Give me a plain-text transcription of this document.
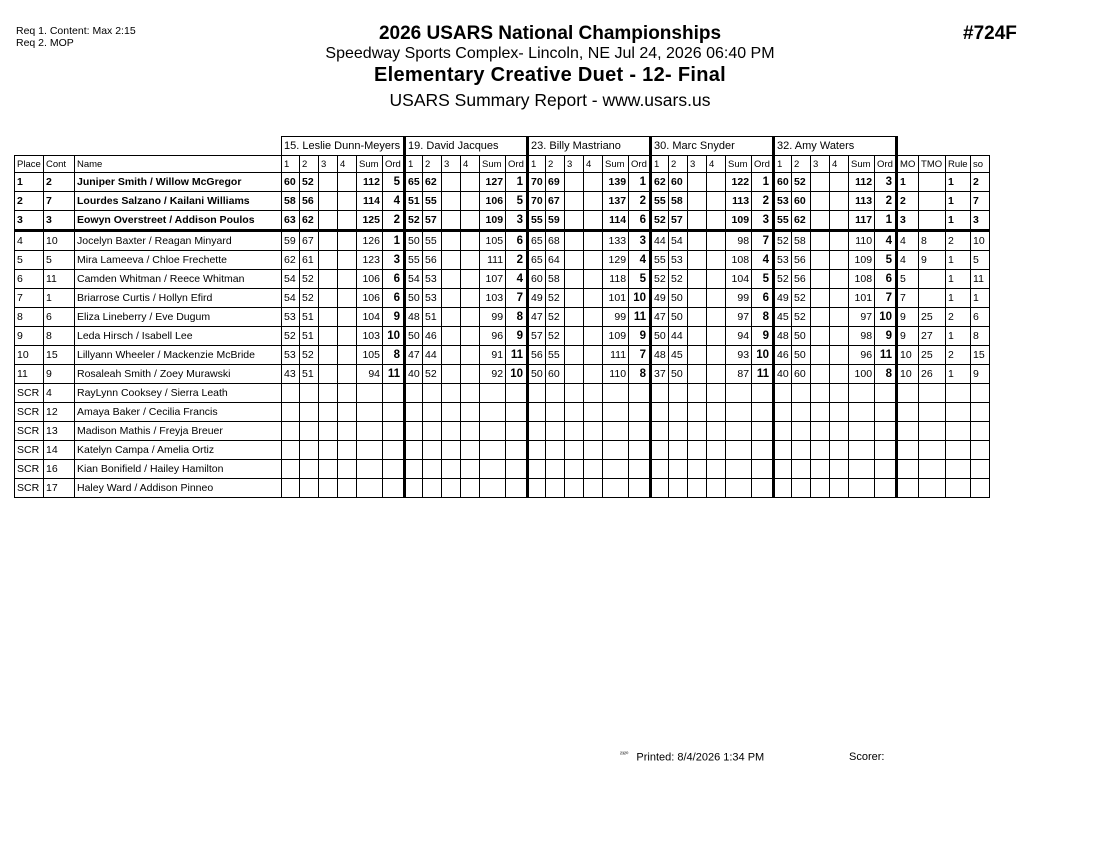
Req 1. Content: Max 2:15
Req 2. MOP	2026 USARS National Championships
Speedway Sports Complex- Lincoln, NE Jul 24, 2026 06:40 PM
Elementary Creative Duet - 12- Final
USARS Summary Report - www.usars.us
#724F
			15. Leslie Dunn-Meyers						19. David Jacques						23. Billy Mastriano						30. Marc Snyder						32. Amy Waters									
Place	Cont	Name	1	2	3	4	Sum	Ord	1	2	3	4	Sum	Ord	1	2	3	4	Sum	Ord	1	2	3	4	Sum	Ord	1	2	3	4	Sum	Ord	MO	TMO	Rule	so
1	2	Juniper Smith / Willow McGregor	60	52			112	5	65	62			127	1	70	69			139	1	62	60			122	1	60	52			112	3	1		1	2
2	7	Lourdes Salzano / Kailani Williams	58	56			114	4	51	55			106	5	70	67			137	2	55	58			113	2	53	60			113	2	2		1	7
3	3	Eowyn Overstreet / Addison Poulos	63	62			125	2	52	57			109	3	55	59			114	6	52	57			109	3	55	62			117	1	3		1	3
4	10	Jocelyn Baxter / Reagan Minyard	59	67			126	1	50	55			105	6	65	68			133	3	44	54			98	7	52	58			110	4	4	8	2	10
5	5	Mira Lameeva / Chloe Frechette	62	61			123	3	55	56			111	2	65	64			129	4	55	53			108	4	53	56			109	5	4	9	1	5
6	11	Camden Whitman / Reece Whitman	54	52			106	6	54	53			107	4	60	58			118	5	52	52			104	5	52	56			108	6	5		1	11
7	1	Briarrose Curtis / Hollyn Efird	54	52			106	6	50	53			103	7	49	52			101	10	49	50			99	6	49	52			101	7	7		1	1
8	6	Eliza Lineberry / Eve Dugum	53	51			104	9	48	51			99	8	47	52			99	11	47	50			97	8	45	52			97	10	9	25	2	6
9	8	Leda Hirsch / Isabell Lee	52	51			103	10	50	46			96	9	57	52			109	9	50	44			94	9	48	50			98	9	9	27	1	8
10	15	Lillyann Wheeler / Mackenzie McBride	53	52			105	8	47	44			91	11	56	55			111	7	48	45			93	10	46	50			96	11	10	25	2	15
11	9	Rosaleah Smith / Zoey Murawski	43	51			94	11	40	52			92	10	50	60			110	8	37	50			87	11	40	60			100	8	10	26	1	9
SCR	4	RayLynn Cooksey / Sierra Leath																																		
SCR	12	Amaya Baker / Cecilia Francis																																		
SCR	13	Madison Mathis / Freyja Breuer																																		
SCR	14	Katelyn Campa / Amelia Ortiz																																		
SCR	16	Kian Bonifield / Hailey Hamilton																																		
SCR	17	Haley Ward / Addison Pinneo																																		
$^{^{2320}}$ Printed: 8/4/2026 1:34 PM	Scorer:
